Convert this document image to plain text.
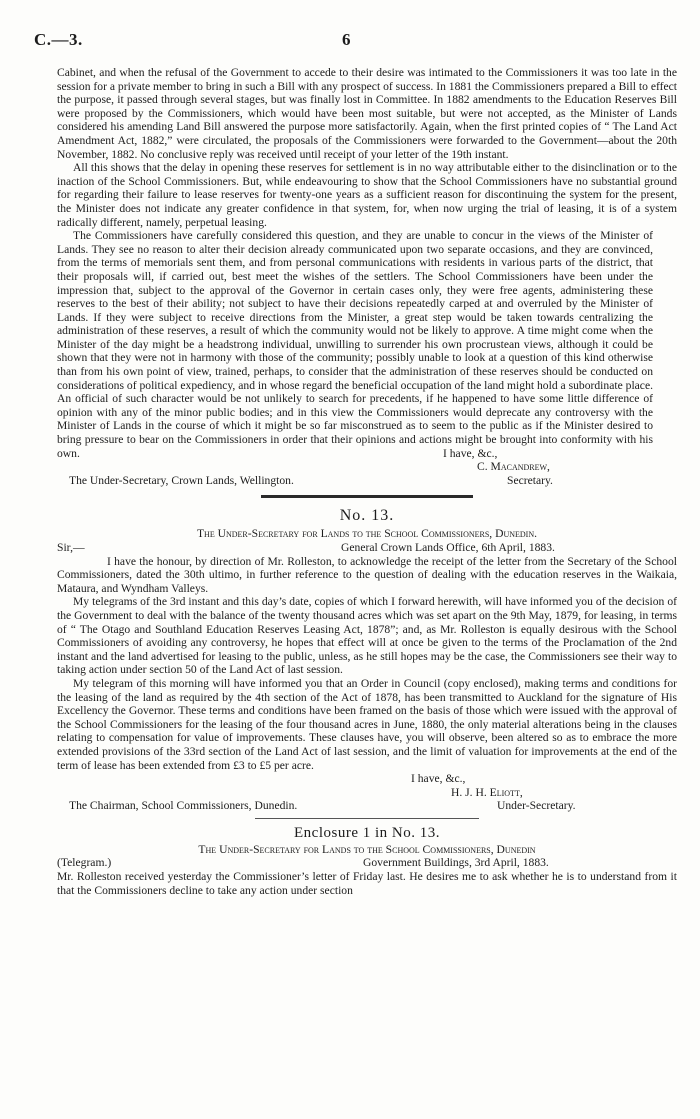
C.—3.	6

Cabinet, and when the refusal of the Government to accede to their desire was intimated to the Commissioners it was too late in the session for a private member to bring in such a Bill with any prospect of success. In 1881 the Commissioners prepared a Bill to effect the purpose, it passed through several stages, but was finally lost in Committee. In 1882 amendments to the Education Reserves Bill were proposed by the Commissioners, which would have been most suitable, but were not accepted, as the Minister of Lands considered his amending Land Bill answered the purpose more satisfactorily. Again, when the first printed copies of “ The Land Act Amendment Act, 1882,” were circulated, the proposals of the Commissioners were forwarded to the Government—about the 20th November, 1882. No conclusive reply was received until receipt of your letter of the 19th instant.

All this shows that the delay in opening these reserves for settlement is in no way attributable either to the disinclination or to the inaction of the School Commissioners. But, while endeavouring to show that the School Commissioners have no substantial ground for regarding their failure to lease reserves for twenty-one years as a sufficient reason for discontinuing the system for the present, the Minister does not indicate any greater confidence in that system, for, when now urging the trial of leasing, it is of a system radically different, namely, perpetual leasing.

The Commissioners have carefully considered this question, and they are unable to concur in the views of the Minister of Lands. They see no reason to alter their decision already communicated upon two separate occasions, and they are convinced, from the terms of memorials sent them, and from personal communications with residents in various parts of the district, that their proposals will, if carried out, best meet the wishes of the settlers. The School Commissioners have been under the impression that, subject to the approval of the Governor in certain cases only, they were free agents, administering these reserves to the best of their ability; not subject to have their decisions repeatedly carped at and overruled by the Minister of Lands. If they were subject to receive directions from the Minister, a great step would be taken towards centralizing the administration of these reserves, a result of which the community would not be likely to approve. A time might come when the Minister of the day might be a headstrong individual, unwilling to surrender his own procrustean views, although it could be shown that they were not in harmony with those of the community; possibly unable to look at a question of this kind otherwise than from his own point of view, trained, perhaps, to consider that the administration of these reserves should be conducted on considerations of political expediency, and in whose regard the beneficial occupation of the land might hold a subordinate place. An official of such character would be not unlikely to search for precedents, if he happened to have some little difference of opinion with any of the minor public bodies; and in this view the Commissioners would deprecate any controversy with the Minister of Lands in the course of which it might be so far misconstrued as to seem to the public as if the Minister desired to bring pressure to bear on the Commissioners in order that their opinions and actions might be brought into conformity with his own.	I have, &c.,
C. Macandrew,
The Under-Secretary, Crown Lands, Wellington.	Secretary.
No. 13.
The Under-Secretary for Lands to the School Commissioners, Dunedin.
Sir,—	General Crown Lands Office, 6th April, 1883.

I have the honour, by direction of Mr. Rolleston, to acknowledge the receipt of the letter from the Secretary of the School Commissioners, dated the 30th ultimo, in further reference to the question of dealing with the education reserves in the Waikaia, Mataura, and Wyndham Valleys.

My telegrams of the 3rd instant and this day’s date, copies of which I forward herewith, will have informed you of the decision of the Government to deal with the balance of the twenty thousand acres which was set apart on the 9th May, 1879, for leasing, in terms of “ The Otago and Southland Education Reserves Leasing Act, 1878”; and, as Mr. Rolleston is equally desirous with the School Commissioners of avoiding any controversy, he hopes that effect will at once be given to the terms of the Proclamation of the 2nd instant and the land advertised for leasing to the public, unless, as he still hopes may be the case, the Commissioners see their way to taking action under section 50 of the Land Act of last session.

My telegram of this morning will have informed you that an Order in Council (copy enclosed), making terms and conditions for the leasing of the land as required by the 4th section of the Act of 1878, has been transmitted to Auckland for the signature of His Excellency the Governor. These terms and conditions have been framed on the basis of those which were issued with the approval of the School Commissioners for the leasing of the four thousand acres in June, 1880, the only material alterations being in the clauses relating to compensation for value of improvements. These clauses have, you will observe, been altered so as to embrace the more extended provisions of the 33rd section of the Land Act of last session, and the limit of valuation for improvements at the end of the term of lease has been extended from £3 to £5 per acre.

I have, &c.,
H. J. H. Eliott,
The Chairman, School Commissioners, Dunedin.	Under-Secretary.
Enclosure 1 in No. 13.
The Under-Secretary for Lands to the School Commissioners, Dunedin
(Telegram.)	Government Buildings, 3rd April, 1883.

Mr. Rolleston received yesterday the Commissioner’s letter of Friday last. He desires me to ask whether he is to understand from it that the Commissioners decline to take any action under section
